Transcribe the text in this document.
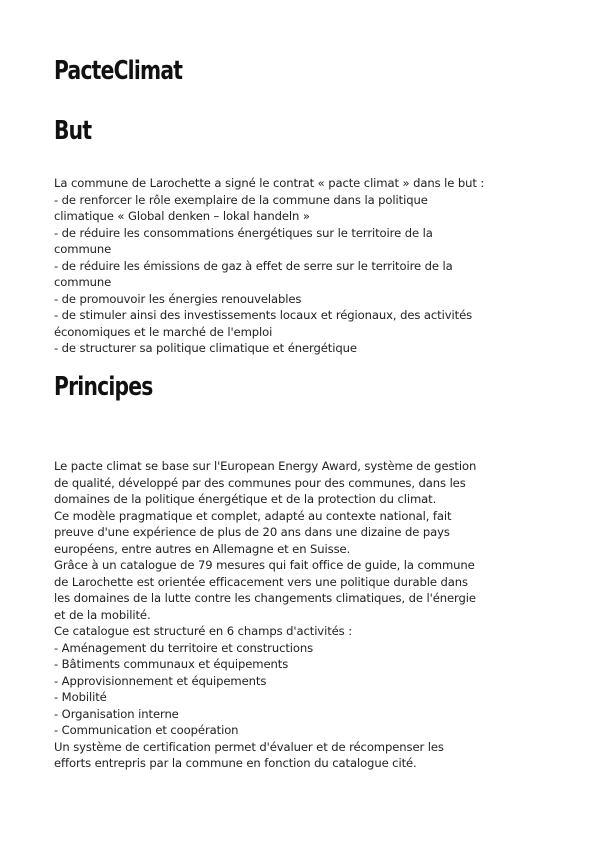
PacteClimat
But
La commune de Larochette a signé le contrat « pacte climat » dans le but :
- de renforcer le rôle exemplaire de la commune dans la politique
climatique « Global denken – lokal handeln »
- de réduire les consommations énergétiques sur le territoire de la
commune
- de réduire les émissions de gaz à effet de serre sur le territoire de la
commune
- de promouvoir les énergies renouvelables
- de stimuler ainsi des investissements locaux et régionaux, des activités
économiques et le marché de l'emploi
- de structurer sa politique climatique et énergétique
Principes
Le pacte climat se base sur l'European Energy Award, système de gestion
de qualité, développé par des communes pour des communes, dans les
domaines de la politique énergétique et de la protection du climat.
Ce modèle pragmatique et complet, adapté au contexte national, fait
preuve d'une expérience de plus de 20 ans dans une dizaine de pays
européens, entre autres en Allemagne et en Suisse.
Grâce à un catalogue de 79 mesures qui fait office de guide, la commune
de Larochette est orientée efficacement vers une politique durable dans
les domaines de la lutte contre les changements climatiques, de l'énergie
et de la mobilité.
Ce catalogue est structuré en 6 champs d'activités :
- Aménagement du territoire et constructions
- Bâtiments communaux et équipements
- Approvisionnement et équipements
- Mobilité
- Organisation interne
- Communication et coopération
Un système de certification permet d'évaluer et de récompenser les
efforts entrepris par la commune en fonction du catalogue cité.
